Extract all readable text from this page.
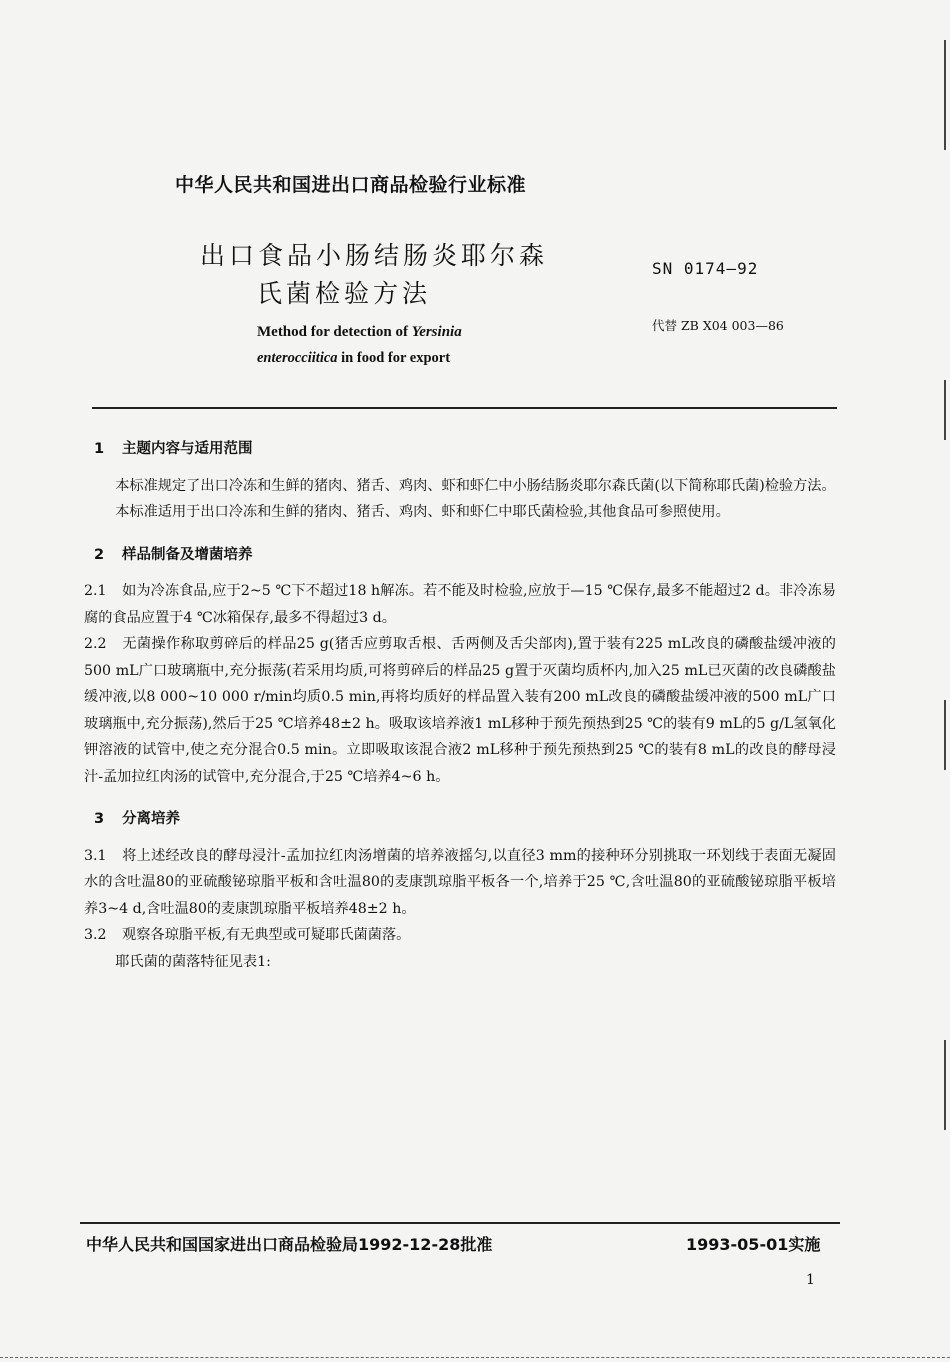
中华人民共和国进出口商品检验行业标准
出口食品小肠结肠炎耶尔森
氏菌检验方法
SN 0174—92
代替 ZB X04 003—86
Method for detection of Yersinia
enterocciitica in food for export
1 主题内容与适用范围

本标准规定了出口冷冻和生鲜的猪肉、猪舌、鸡肉、虾和虾仁中小肠结肠炎耶尔森氏菌(以下简称耶氏菌)检验方法。

本标准适用于出口冷冻和生鲜的猪肉、猪舌、鸡肉、虾和虾仁中耶氏菌检验,其他食品可参照使用。

2 样品制备及增菌培养

2.1 如为冷冻食品,应于2~5 ℃下不超过18 h解冻。若不能及时检验,应放于—15 ℃保存,最多不能超过2 d。非冷冻易腐的食品应置于4 ℃冰箱保存,最多不得超过3 d。

2.2 无菌操作称取剪碎后的样品25 g(猪舌应剪取舌根、舌两侧及舌尖部肉),置于装有225 mL改良的磷酸盐缓冲液的500 mL广口玻璃瓶中,充分振荡(若采用均质,可将剪碎后的样品25 g置于灭菌均质杯内,加入25 mL已灭菌的改良磷酸盐缓冲液,以8 000~10 000 r/min均质0.5 min,再将均质好的样品置入装有200 mL改良的磷酸盐缓冲液的500 mL广口玻璃瓶中,充分振荡),然后于25 ℃培养48±2 h。吸取该培养液1 mL移种于预先预热到25 ℃的装有9 mL的5 g/L氢氧化钾溶液的试管中,使之充分混合0.5 min。立即吸取该混合液2 mL移种于预先预热到25 ℃的装有8 mL的改良的酵母浸汁-孟加拉红肉汤的试管中,充分混合,于25 ℃培养4~6 h。

3 分离培养

3.1 将上述经改良的酵母浸汁-孟加拉红肉汤增菌的培养液摇匀,以直径3 mm的接种环分别挑取一环划线于表面无凝固水的含吐温80的亚硫酸铋琼脂平板和含吐温80的麦康凯琼脂平板各一个,培养于25 ℃,含吐温80的亚硫酸铋琼脂平板培养3~4 d,含吐温80的麦康凯琼脂平板培养48±2 h。

3.2 观察各琼脂平板,有无典型或可疑耶氏菌菌落。

耶氏菌的菌落特征见表1:

中华人民共和国国家进出口商品检验局1992-12-28批准	1993-05-01实施
1
